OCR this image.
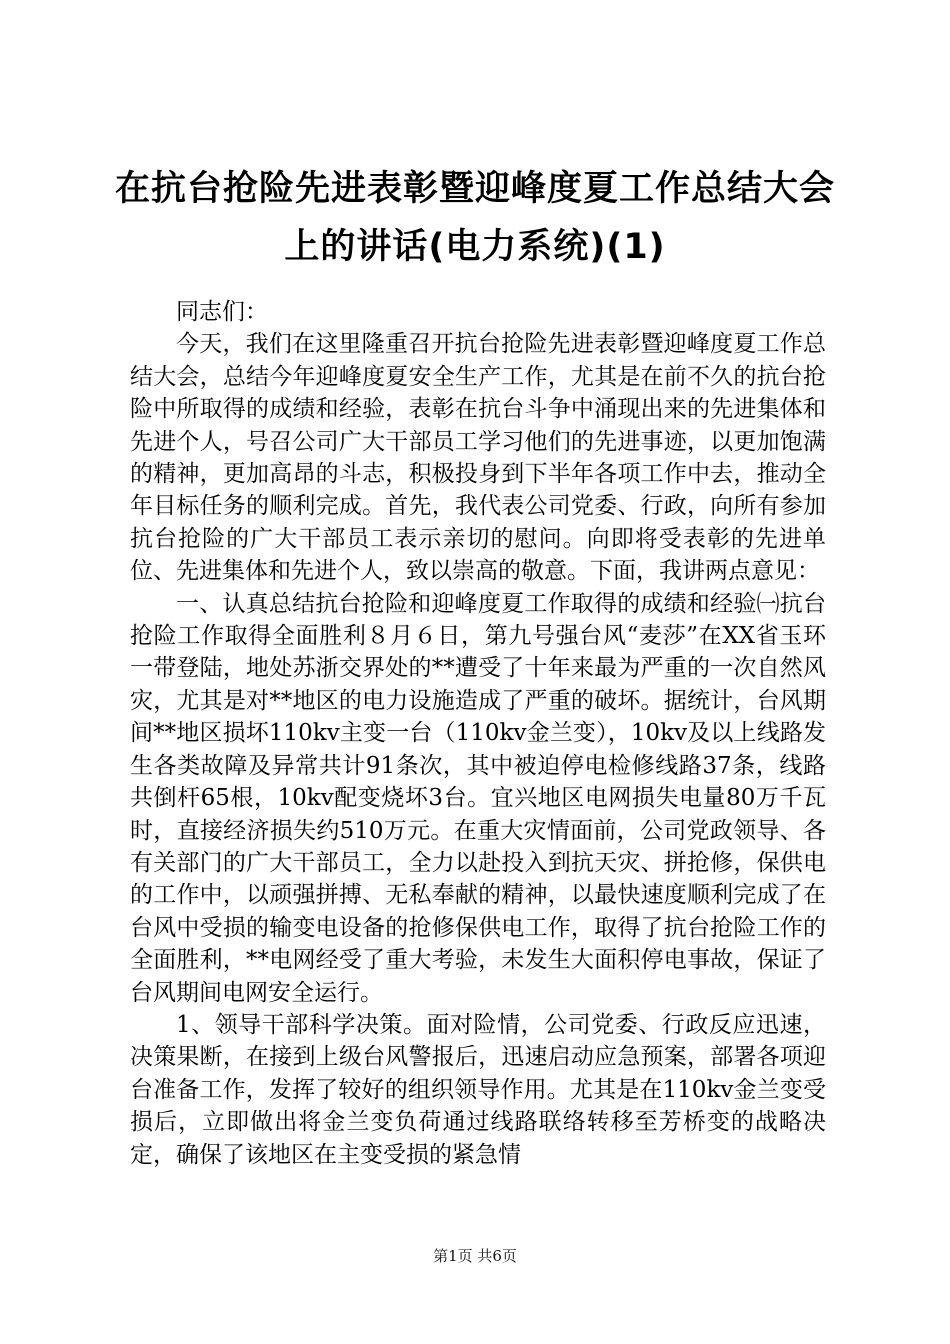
在抗台抢险先进表彰暨迎峰度夏工作总结大会上的讲话(电力系统)(1)

同志们：

今天，我们在这里隆重召开抗台抢险先进表彰暨迎峰度夏工作总结大会，总结今年迎峰度夏安全生产工作，尤其是在前不久的抗台抢险中所取得的成绩和经验，表彰在抗台斗争中涌现出来的先进集体和先进个人，号召公司广大干部员工学习他们的先进事迹，以更加饱满的精神，更加高昂的斗志，积极投身到下半年各项工作中去，推动全年目标任务的顺利完成。首先，我代表公司党委、行政，向所有参加抗台抢险的广大干部员工表示亲切的慰问。向即将受表彰的先进单位、先进集体和先进个人，致以崇高的敬意。下面，我讲两点意见：

一、认真总结抗台抢险和迎峰度夏工作取得的成绩和经验㈠抗台抢险工作取得全面胜利８月６日，第九号强台风“麦莎”在XX省玉环一带登陆，地处苏浙交界处的**遭受了十年来最为严重的一次自然风灾，尤其是对**地区的电力设施造成了严重的破坏。据统计，台风期间**地区损坏110kv主变一台（110kv金兰变），10kv及以上线路发生各类故障及异常共计91条次，其中被迫停电检修线路37条，线路共倒杆65根，10kv配变烧坏3台。宜兴地区电网损失电量80万千瓦时，直接经济损失约510万元。在重大灾情面前，公司党政领导、各有关部门的广大干部员工，全力以赴投入到抗天灾、拼抢修，保供电的工作中，以顽强拼搏、无私奉献的精神，以最快速度顺利完成了在台风中受损的输变电设备的抢修保供电工作，取得了抗台抢险工作的全面胜利，**电网经受了重大考验，未发生大面积停电事故，保证了台风期间电网安全运行。

1、领导干部科学决策。面对险情，公司党委、行政反应迅速，决策果断，在接到上级台风警报后，迅速启动应急预案，部署各项迎台准备工作，发挥了较好的组织领导作用。尤其是在110kv金兰变受损后，立即做出将金兰变负荷通过线路联络转移至芳桥变的战略决定，确保了该地区在主变受损的紧急情

第1页 共6页
